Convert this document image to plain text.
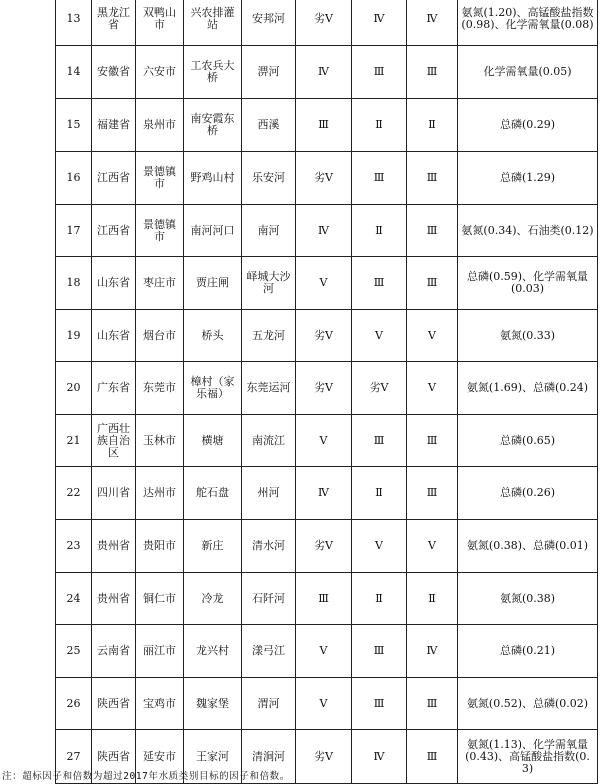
13	黑龙江省	双鸭山市	兴农排灌站	安邦河	劣Ⅴ	Ⅳ	Ⅳ	氨氮(1.20)、高锰酸盐指数(0.98)、化学需氧量(0.08)
14	安徽省	六安市	工农兵大桥	淠河	Ⅳ	Ⅲ	Ⅲ	化学需氧量(0.05)
15	福建省	泉州市	南安霞东桥	西溪	Ⅲ	Ⅱ	Ⅱ	总磷(0.29)
16	江西省	景德镇市	野鸡山村	乐安河	劣Ⅴ	Ⅲ	Ⅲ	总磷(1.29)
17	江西省	景德镇市	南河河口	南河	Ⅳ	Ⅱ	Ⅲ	氨氮(0.34)、石油类(0.12)
18	山东省	枣庄市	贾庄闸	峄城大沙河	Ⅴ	Ⅲ	Ⅲ	总磷(0.59)、化学需氧量(0.03)
19	山东省	烟台市	桥头	五龙河	劣Ⅴ	Ⅴ	Ⅴ	氨氮(0.33)
20	广东省	东莞市	樟村（家乐福）	东莞运河	劣Ⅴ	劣Ⅴ	Ⅴ	氨氮(1.69)、总磷(0.24)
21	广西壮族自治区	玉林市	横塘	南流江	Ⅴ	Ⅲ	Ⅲ	总磷(0.65)
22	四川省	达州市	舵石盘	州河	Ⅳ	Ⅱ	Ⅲ	总磷(0.26)
23	贵州省	贵阳市	新庄	清水河	劣Ⅴ	Ⅴ	Ⅴ	氨氮(0.38)、总磷(0.01)
24	贵州省	铜仁市	冷龙	石阡河	Ⅲ	Ⅱ	Ⅱ	氨氮(0.38)
25	云南省	丽江市	龙兴村	漾弓江	Ⅴ	Ⅲ	Ⅳ	总磷(0.21)
26	陕西省	宝鸡市	魏家堡	渭河	Ⅴ	Ⅲ	Ⅲ	氨氮(0.52)、总磷(0.02)
27	陕西省	延安市	王家河	清涧河	劣Ⅴ	Ⅳ	Ⅲ	氨氮(1.13)、化学需氧量(0.43)、高锰酸盐指数(0.3)
注：超标因子和倍数为超过2017年水质类别目标的因子和倍数。
